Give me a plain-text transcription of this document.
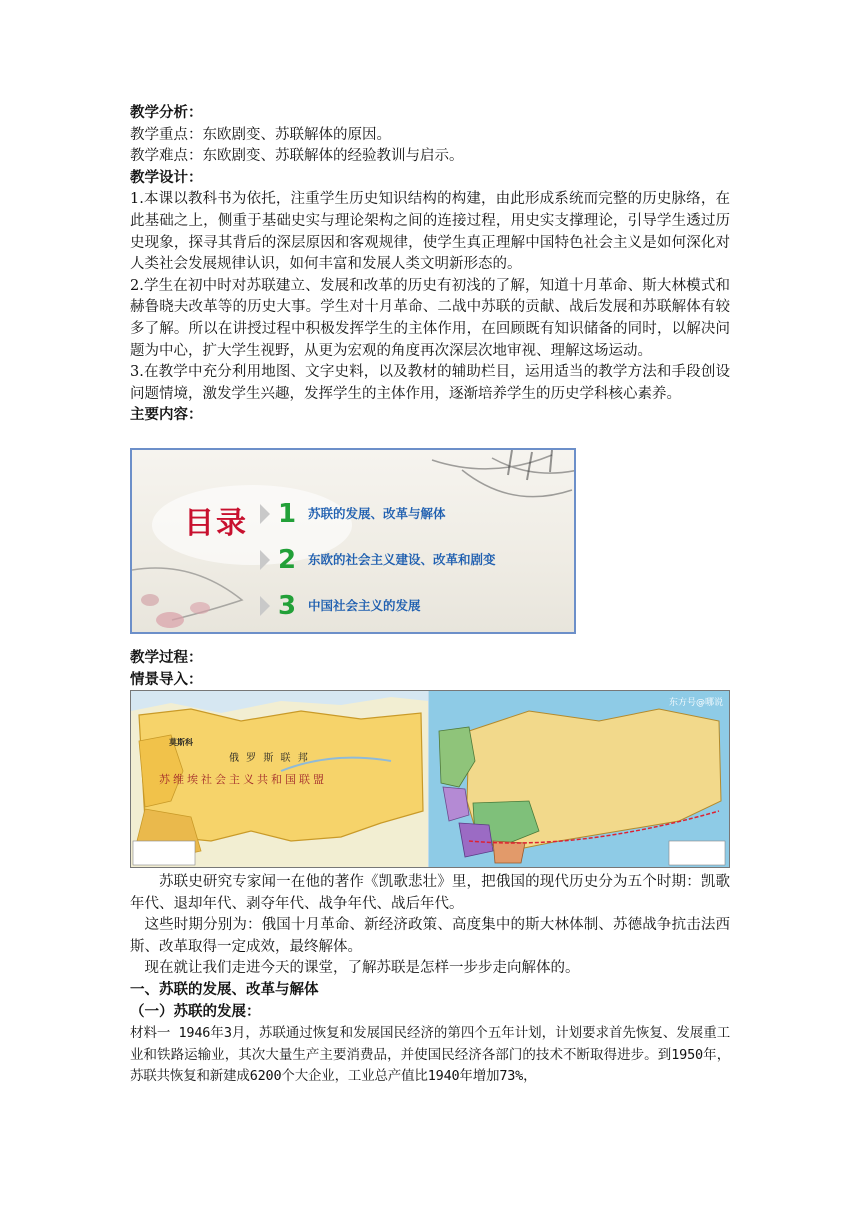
教学分析：

教学重点：东欧剧变、苏联解体的原因。

教学难点：东欧剧变、苏联解体的经验教训与启示。

教学设计：

1.本课以教科书为依托，注重学生历史知识结构的构建，由此形成系统而完整的历史脉络，在此基础之上，侧重于基础史实与理论架构之间的连接过程，用史实支撑理论，引导学生透过历史现象，探寻其背后的深层原因和客观规律，使学生真正理解中国特色社会主义是如何深化对人类社会发展规律认识，如何丰富和发展人类文明新形态的。

2.学生在初中时对苏联建立、发展和改革的历史有初浅的了解，知道十月革命、斯大林模式和赫鲁晓夫改革等的历史大事。学生对十月革命、二战中苏联的贡献、战后发展和苏联解体有较多了解。所以在讲授过程中积极发挥学生的主体作用，在回顾既有知识储备的同时，以解决问题为中心，扩大学生视野，从更为宏观的角度再次深层次地审视、理解这场运动。

3.在教学中充分利用地图、文字史料，以及教材的辅助栏目，运用适当的教学方法和手段创设问题情境，激发学生兴趣，发挥学生的主体作用，逐渐培养学生的历史学科核心素养。

主要内容：

目录 1 苏联的发展、改革与解体
2 东欧的社会主义建设、改革和剧变
3 中国社会主义的发展

教学过程：

情景导入：

莫斯科
俄 罗 斯 联 邦
苏维埃社会主义共和国联盟
东方号@哪说

苏联史研究专家闻一在他的著作《凯歌悲壮》里，把俄国的现代历史分为五个时期：凯歌年代、退却年代、剥夺年代、战争年代、战后年代。

这些时期分别为：俄国十月革命、新经济政策、高度集中的斯大林体制、苏德战争抗击法西斯、改革取得一定成效，最终解体。

现在就让我们走进今天的课堂，了解苏联是怎样一步步走向解体的。

一、苏联的发展、改革与解体

（一）苏联的发展：

材料一 1946年3月，苏联通过恢复和发展国民经济的第四个五年计划，计划要求首先恢复、发展重工业和铁路运输业，其次大量生产主要消费品，并使国民经济各部门的技术不断取得进步。到1950年，苏联共恢复和新建成6200个大企业，工业总产值比1940年增加73%，
